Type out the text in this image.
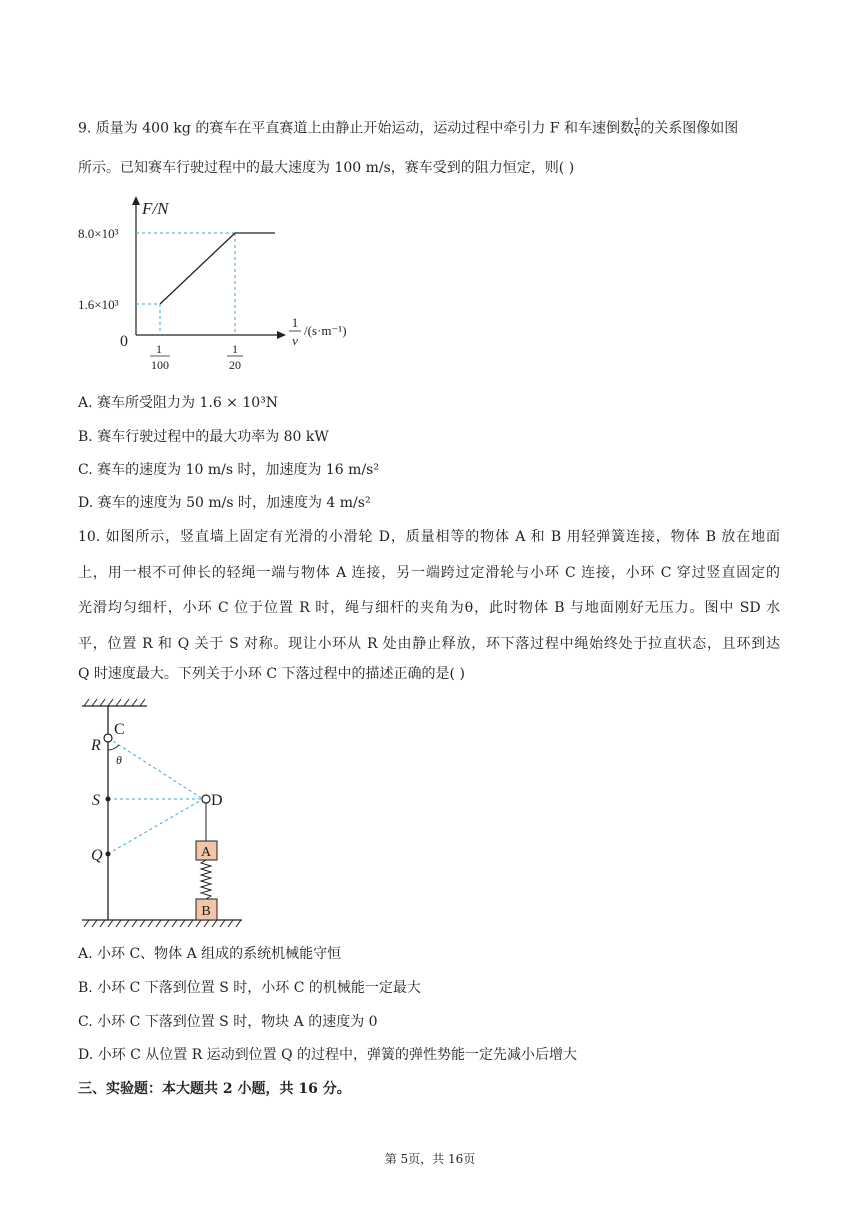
9. 质量为 400 kg 的赛车在平直赛道上由静止开始运动，运动过程中牵引力 F 和车速倒数 $\frac{1}{v}$ 的关系图像如图
所示。已知赛车行驶过程中的最大速度为 100 m/s，赛车受到的阻力恒定，则( )
F/N
8.0×10³
1.6×10³
0 1
100
1
20
1
v
/(s·m⁻¹)
A. 赛车所受阻力为 1.6 × 10³N
B. 赛车行驶过程中的最大功率为 80 kW
C. 赛车的速度为 10 m/s 时，加速度为 16 m/s²
D. 赛车的速度为 50 m/s 时，加速度为 4 m/s²
10. 如图所示，竖直墙上固定有光滑的小滑轮 D，质量相等的物体 A 和 B 用轻弹簧连接，物体 B 放在地面
上，用一根不可伸长的轻绳一端与物体 A 连接，另一端跨过定滑轮与小环 C 连接，小环 C 穿过竖直固定的
光滑均匀细杆，小环 C 位于位置 R 时，绳与细杆的夹角为θ，此时物体 B 与地面刚好无压力。图中 SD 水
平，位置 R 和 Q 关于 S 对称。现让小环从 R 处由静止释放，环下落过程中绳始终处于拉直状态，且环到达
Q 时速度最大。下列关于小环 C 下落过程中的描述正确的是( )
C
R
θ
S	D
Q	A
B
A. 小环 C、物体 A 组成的系统机械能守恒
B. 小环 C 下落到位置 S 时，小环 C 的机械能一定最大
C. 小环 C 下落到位置 S 时，物块 A 的速度为 0
D. 小环 C 从位置 R 运动到位置 Q 的过程中，弹簧的弹性势能一定先减小后增大
三、实验题：本大题共 2 小题，共 16 分。
第 5页，共 16页
